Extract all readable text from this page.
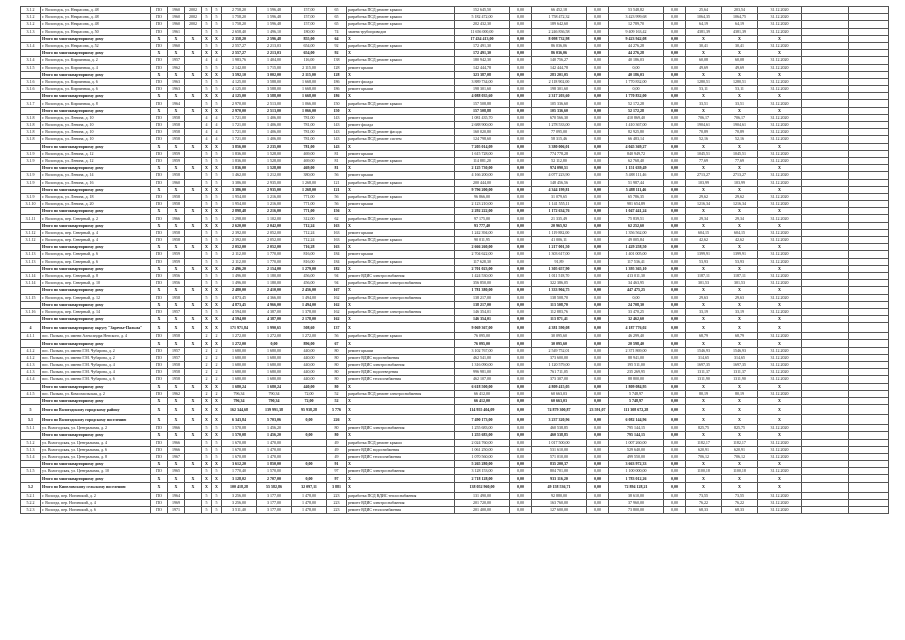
3.1.2	г. Вологодск, ул. Некрасова, д. 48	ПО	1960	2002	5	5	2 758,20	1 596,48	157,00	65	разработка ПСД ремонт крыши	152 645,50	0,00	66 452,18	0,00	53 548,82	0,00	25,64	203,54	31.12.2020		
3.1.2	г. Вологодск, ул. Некрасова, д. 48	ПО	1960	2002	5	5	1 758,20	1 596,48	157,00	65	разработка ПСД ремонт крыши	5 182 472,00	0,00	1 758 472,32	0,00	3 423 999,68	0,00	1064,35	1064,75	31.12.2020		
3.1.2	г. Вологодск, ул. Некрасова, д. 48	ПО	1960	2002	5	5	1 758,20	1 596,48	157,00	65	разработка ПСД ремонт крыши	202 432,30	0,00	189 642,60	0,00	12 789,70	0,00	64,19	64,19	31.12.2020		
3.1.3	г. Вологодск, ул. Некрасова, д. 50	ПО	1961		5	5	2 658,40	1 496,10	180,00	74	замена трубопроводов	11 656 000,00	0,00	2 246 836,58	0,00	9 409 163,42	0,00	4381,39	4381,39	31.12.2020		
	Итого по многоквартирному дому	X	X	X	X	X	2 358,20	2 596,48	855,00	64	X	17 434 413,00	0,00	8 098 732,98	0,00	9 423 942,08	0,00	X	X	X		
3.1.4	г. Вологодск, ул. Некрасова, д. 52	ПО	1960		5	5	2 557,27	2 213,03	654,00	92	разработка ПСД ремонт крыши	172 491,30	0,00	86 036,06	0,00	44 276,28	0,00	30,41	30,41	31.12.2020		
	Итого по многоквартирному дому	X	X	X	X	X	2 557,27	2 213,03	654,00	92	X	172 491,30	0,00	86 036,06	0,00	44 276,28	0,00	X	X	X		
3.1.4	г. Вологодск, ул. Кирпичная, д. 2	ПО	1957		4	4	1 983,76	1 404,00	116,00	138	разработка ПСД ремонт крыши	180 942,30	0,00	140 756,27	0,00	40 186,03	0,00	60,08	60,08	31.12.2020		
3.1.5	г. Вологодск, ул. Кирпичная, д. 4	ПО	1962		5	5	2 142,00	1 715,00	2 115,00	128	ремонт крыши	142 444,78	0,00	142 444,78	0,00	0,00	0,00	49,69	49,69	31.12.2020		
	Итого по многоквартирному дому	X	X	X	X	X	3 592,10	3 002,00	2 115,00	128	X	323 387,08	0,00	283 201,05	0,00	40 186,03	0,00	X	X	X		
3.1.6	г. Вологодск, ул. Кирпичная, д. 6	ПО	1963		5	5	4 125,00	3 588,00	1 668,00	186	ремонт фасада	3 889 734,00	0,00	2 118 902,00	0,00	1 770 832,00	0,00	1280,51	1280,51	31.12.2020		
3.1.6	г. Вологодск, ул. Кирпичная, д. 6	ПО	1963		5	5	4 125,00	3 588,00	1 668,00	186	ремонт крыши	198 301,60	0,00	198 301,60	0,00	0,00	0,00	53,11	53,11	31.12.2020		
	Итого по многоквартирному дому	X	X	X	X	X	4 125,00	3 588,00	1 668,00	186	X	4 088 035,60	0,00	2 317 203,60	0,00	1 770 832,00	0,00	X	X	X		
3.1.7	г. Вологодск, ул. Кирпичная, д. 8	ПО	1964		5	5	2 970,00	2 513,00	1 066,00	150	разработка ПСД ремонт крыши	157 508,88	0,00	105 336,60	0,00	52 172,28	0,00	33,51	33,51	31.12.2020		
	Итого по многоквартирному дому	X	X	X	X	X	2 970,00	2 513,00	1 066,00	150	X	157 508,88	0,00	105 336,60	0,00	52 172,28	0,00	X	X	X		
3.1.8	г. Вологодск, ул. Ленина, д. 10	ПО	1958		4	4	1 721,00	1 406,00	781,00	143	ремонт крыши	1 081 435,70	0,00	670 566,30	0,00	410 869,40	0,00	706,17	706,17	31.12.2020		
3.1.8	г. Вологодск, ул. Ленина, д. 10	ПО	1958		4	4	1 721,00	1 406,00	781,00	143	ремонт фасада	2 688 900,00	0,00	1 278 533,00	0,00	1 410 367,00	0,00	1904,61	1904,61	31.12.2020		
3.1.8	г. Вологодск, ул. Ленина, д. 10	ПО	1958		4	4	1 721,00	1 406,00	781,00	143	разработка ПСД ремонт фасада	160 020,80	0,00	77 095,00	0,00	82 925,80	0,00	70,89	70,89	31.12.2020		
3.1.8	г. Вологодск, ул. Ленина, д. 10	ПО	1958		4	4	1 721,00	1 406,00	781,00	143	разработка ПСД ремонт систем	124 798,60	0,00	58 315,46	0,00	66 483,14	0,00	52,16	52,16	31.12.2020		
	Итого по многоквартирному дому	X	X	X	X	X	3 856,00	2 235,00	781,00	143	X	7 205 014,09	0,00	3 380 006,01	0,00	4 045 369,27	0,00	X	X	X		
3.1.9	г. Вологодск, ул. Ленина, д. 12	ПО	1959		5	5	1 836,00	1 528,00	469,00	81	ремонт крыши	1 615 728,00	0,00	774 778,28	0,00	840 949,72	0,00	1045,51	1045,51	31.12.2020		
3.1.9	г. Вологодск, ул. Ленина, д. 12	ПО	1959		5	5	1 836,00	1 528,00	469,00	81	разработка ПСД ремонт крыши	114 881,20	0,00	52 112,80	0,00	62 768,40	0,00	77,69	77,69	31.12.2020		
	Итого по многоквартирному дому	X	X	X	X	X	1 836,00	1 528,00	469,00	81	X	2 125 730,00	0,00	974 090,51	0,00	1 151 639,49	0,00	X	X	X		
3.1.9	г. Вологодск, ул. Ленина, д. 14	ПО	1958		5	5	1 462,00	1 212,00	380,00	56	ремонт крыши	4 166 200,00	0,00	4 077 223,90	0,00	5 488 111,46	0,00	2713,27	2713,27	31.12.2020		
3.1.9	г. Вологодск, ул. Ленина, д. 16	ПО	1960		5	5	3 386,00	2 935,00	1 268,00	121	разработка ПСД ремонт крыши	200 444,00	0,00	148 456,56	0,00	51 987,44	0,00	103,99	103,99	31.12.2020		
	Итого по многоквартирному дому	X	X	X	X	X	3 386,00	2 935,00	1 268,00	121	X	9 796 200,00	0,00	4 344 199,81	0,00	5 488 111,46	0,00	X	X	X		
3.1.9	г. Вологодск, ул. Ленина, д. 18	ПО	1958		5	5	1 954,00	1 216,00	771,00	56	разработка ПСД ремонт крыши	96 866,00	0,00	31 079,65	0,00	65 786,35	0,00	29,62	29,62	31.12.2020		
3.1.10	г. Вологодск, ул. Ленина, д. 20	ПО	1958		5	5	1 954,00	1 216,00	771,00	56	ремонт крыши	2 123 210,00	0,00	1 141 555,11	0,00	981 654,89	0,00	1216,34	1216,34	31.12.2020		
	Итого по многоквартирному дому	X	X	X	X	X	2 898,48	2 216,00	771,00	156	X	2 292 222,00	0,00	1 172 634,76	0,00	1 047 441,24	0,00	X	X	X		
3.1.11	г. Вологодск, пер. Северный, д. 2	ПО	1966		5	5	1 298,00	1 102,00	312,00	62	разработка ПСД ремонт крыши	97 175,00	0,00	21 335,49	0,00	75 839,51	0,00	29,34	29,34	31.12.2020		
	Итого по многоквартирному дому	X	X	X	X	X	2 620,00	2 042,00	712,24	163	X	93 777,40	0,00	20 965,92	0,00	62 252,60	0,00	X	X	X		
3.1.12	г. Вологодск, пер. Северный, д. 4	ПО	1958		5	5	2 392,00	2 052,00	712,24	163	ремонт крыши	1 242 394,00	0,00	1 119 882,00	0,00	1 356 562,00	0,00	604,15	604,15	31.12.2020		
3.1.12	г. Вологодск, пер. Северный, д. 4	ПО	1958		5	5	2 392,00	2 052,00	712,24	163	разработка ПСД ремонт крыши	90 011,95	0,00	41 006,11	0,00	49 005,84	0,00	42,62	42,62	31.12.2020		
	Итого по многоквартирному дому	X	X	X	X	X	2 052,00	2 052,00	716,28	163	X	2 666 260,00	0,00	1 217 001,50	0,00	1 429 258,50	0,00	X	X	X		
3.1.13	г. Вологодск, пер. Северный, д. 6	ПО	1959		5	5	2 112,00	1 770,00	816,00	184	ремонт крыши	2 704 622,00	0,00	1 303 617,00	0,00	1 401 005,00	0,00	1399,91	1399,91	31.12.2020		
3.1.13	г. Вологодск, пер. Северный, д. 6	ПО	1959		5	5	2 112,00	1 770,00	816,00	184	разработка ПСД ремонт крыши	117 628,30	0,00	91,89	0,00	117 536,41	0,00	53,93	53,93	31.12.2020		
	Итого по многоквартирному дому	X	X	X	X	X	2 496,20	2 154,00	1 279,00	182	X	2 701 023,00	0,00	1 305 657,90	0,00	1 395 365,10	0,00	X	X	X		
3.1.14	г. Вологодск, пер. Северный, д. 8	ПО	1956		5	5	1 496,00	1 180,00	456,00	94	ремонт ВДИС электроснабжения	1 424 530,00	0,00	1 011 518,70	0,00	413 011,30	0,00	1187,11	1187,11	31.12.2020		
3.1.14	г. Вологодск, пер. Северный, д. 10	ПО	1956		5	5	1 496,00	1 180,00	456,00	94	разработка ПСД ремонт электроснабжения	356 850,00	0,00	322 386,05	0,00	34 463,95	0,00	301,53	301,53	31.12.2020		
	Итого по многоквартирному дому	X	X	X	X	X	2 480,00	2 410,00	2 456,00	167	X	1 781 380,00	0,00	1 333 904,75	0,00	447 475,25	0,00	X	X	X		
3.1.15	г. Вологодск, пер. Северный, д. 12	ПО	1958		5	5	4 873,45	4 366,00	1 494,00	162	разработка ПСД ремонт электроснабжения	138 217,00	0,00	138 508,70	0,00	0,00	0,00	29,63	29,63	31.12.2020		
	Итого по многоквартирному дому	X	X	X	X	X	4 873,45	4 966,00	1 494,00	162	X	138 217,00	0,00	113 508,70	0,00	24 708,30	0,00	X	X	X		
3.1.16	г. Вологодск, пер. Северный, д. 14	ПО	1957		5	5	4 594,00	4 387,00	1 378,00	162	разработка ПСД ремонт электроснабжения	146 354,01	0,00	112 883,76	0,00	33 470,25	0,00	33,19	33,19	31.12.2020		
	Итого по многоквартирному дому	X	X	X	X	X	4 594,00	4 387,00	2 178,00	162	X	146 354,01	0,00	113 871,41	0,00	32 462,60	0,00	X	X	X		
4	Итого по многоквартирному округу "Заречье-Пальма"	X	X	X	X	X	171 971,84	1 990,65	508,60	137	X	9 069 367,00	0,00	4 381 590,08	0,00	4 187 776,02	0,00	X	X	X		
4.1.1	пос. Пальма, ул. имени Александра Невского, д. 4	ПО	1958		2	2	1 272,00	1 272,00	1 272,00	56	разработка ПСД ремонт крыши	76 095,00	0,00	30 095,60	0,00	46 299,40	0,00	68,79	68,79	31.12.2020		
	Итого по многоквартирному дому	X	X	X	X	X	1 272,00	0,00	896,00	67	X	76 095,00	0,00	30 095,60	0,00	20 598,40	0,00	X	X	X		
4.1.2	пос. Пальма, ул. имени Г.М. Чубарова, д. 2	ПО	1957		2	2	1 680,00	1 680,00	440,00	80	ремонт крыши	3 102 767,00	0,00	2 549 752,01	0,00	2 371 869,00	0,00	1546,93	1546,93	31.12.2020		
4.1.2	пос. Пальма, ул. имени Г.М. Чубарова, д. 2	ПО	1957		2	2	1 680,00	1 680,00	440,00	80	ремонт ВДИС водоснабжения	462 541,00	0,00	373 600,00	0,00	88 941,00	0,00	314,65	314,65	31.12.2020		
4.1.3	пос. Пальма, ул. имени Г.М. Чубарова, д. 4	ПО	1958		2	2	1 680,00	1 680,00	440,00	80	ремонт ВДИС электроснабжения	1 316 090,00	0,00	1 120 579,00	0,00	195 511,00	0,00	1697,35	1697,35	31.12.2020		
4.1.3	пос. Пальма, ул. имени Г.М. Чубарова, д. 4	ПО	1958		2	2	1 680,00	1 680,00	440,00	80	ремонт ВДИС водоотведения	996 981,00	0,00	761 711,05	0,00	235 269,95	0,00	1311,37	1311,37	31.12.2020		
4.1.4	пос. Пальма, ул. имени Г.М. Чубарова, д. 6	ПО	1958		2	2	1 680,00	1 680,00	440,00	80	ремонт ВДИС теплоснабжения	462 107,00	0,00	373 307,00	0,00	88 800,00	0,00	1311,90	1311,90	31.12.2020		
	Итого по многоквартирному дому	X	X	X	X	X	1 680,24	1 680,24	440,00	80	X	6 618 500,00	0,00	4 809 415,05	0,00	1 809 084,95	0,00	X	X	X		
4.1.5	пос. Пальма, ул. Комсомольская, д. 2	ПО	1962		2	2	796,34	790,34	72,00	52	разработка ПСД ремонт электроснабжения	66 412,00	0,00	60 663,03	0,00	5 748,97	0,00	80,19	80,19	31.12.2020		
	Итого по многоквартирному дому	X	X	X	X	X	796,34	790,34	72,00	52	X	66 412,00	0,00	60 663,03	0,00	5 748,97	0,00	X	X	X		
5	Итого по Вологодскому городскому району	X	X	X	X	X	162 344,68	139 991,38	95 938,28	5 776	X	114 955 404,09	0,00	74 879 300,87	23 591,07	111 308 672,28	0,00	X	X	X		
5.1	Итого по Вологодскому городскому поселению	X	X	X	X	X	6 343,84	5 703,06	0,00	226	X	7 490 173,00	0,00	3 237 320,96	0,00	6 082 144,96	0,00	X	X	X		
5.1.1	ул. Вологодская, ул. Центральная, д. 2	ПО	1966		5	5	1 570,08	1 456,20		80	ремонт ВДИС электроснабжения	1 255 683,00	0,00	460 538,85	0,00	795 144,15	0,00	825,75	825,75	31.12.2020		
	Итого по многоквартирному дому	X	X	X	X	X	1 570,08	1 456,20	0,00	80	X	1 255 683,00	0,00	460 538,85	0,00	795 144,15	0,00	X	X	X		
5.1.2	ул. Вологодская, ул. Центральная, д. 4	ПО	1966		5	5	1 670,08	1 470,00		49	разработка ПСД ремонт крыши	2 024 760,00	0,00	1 017 500,00	0,00	1 007 260,00	0,00	1182,17	1182,17	31.12.2020		
5.1.3	ул. Вологодская, ул. Центральная, д. 6	ПО	1966		5	5	1 670,08	1 470,00		49	ремонт ВДИС водоснабжения	1 061 250,00	0,00	531 610,00	0,00	529 640,00	0,00	620,91	620,91	31.12.2020		
5.1.4	ул. Вологодская, ул. Центральная, д. 8	ПО	1967		5	5	1 670,08	1 470,00		49	ремонт ВДИС теплоснабжения	1 070 560,00	0,00	571 010,00	0,00	499 550,00	0,00	706,12	706,12	31.12.2020		
	Итого по многоквартирному дому	X	X	X	X	X	3 612,20	1 850,00	0,00	91	X	5 265 280,00	0,00	835 200,37	0,00	3 663 972,33	0,00	X	X	X		
5.1.5	ул. Вологодская, ул. Центральная, д. 10	ПО	1965		5	5	1 770,40	1 570,00		97	ремонт ВДИС электроснабжения	3 128 153,00	0,00	804 701,00	0,00	1 100 000,00	0,00	1100,18	1100,18	31.12.2020		
	Итого по многоквартирному дому	X	X	X	X	X	3 128,02	2 707,00	0,00	97	X	2 718 128,00	0,00	933 116,20	0,00	1 783 012,26	0,00	X	X	X		
5.2	Итого по Кипеловскому сельскому поселению	X	X	X	X	X	100 418,28	55 582,86	32 097,11	3 881	X	138 052 960,00	0,00	49 158 536,71	0,00	72 894 128,21	0,00	X	X	X		
5.2.1	г. Вологда, пер. Ногинский, д. 2	ПО	1964		5	5	3 256,00	3 177,00	1 478,00	223	разработка ПСД ВДИС теплоснабжения	131 490,00	0,00	92 880,00	0,00	38 610,00	0,00	73,55	73,55	31.12.2020		
5.2.2	г. Вологда, пер. Ногинский, д. 4	ПО	1969		5	5	3 256,00	3 177,00	1 478,00	223	ремонт ВДИС электроснабжения	201 720,00	0,00	163 760,00	0,00	37 960,00	0,00	76,22	76,22	31.12.2020		
5.2.3	г. Вологда, пер. Ногинский, д. 6	ПО	1971		5	5	3 511,40	3 177,00	1 478,00	223	ремонт ВДИС теплоснабжения	201 400,00	0,00	127 600,00	0,00	73 800,00	0,00	68,33	68,33	31.12.2020		
